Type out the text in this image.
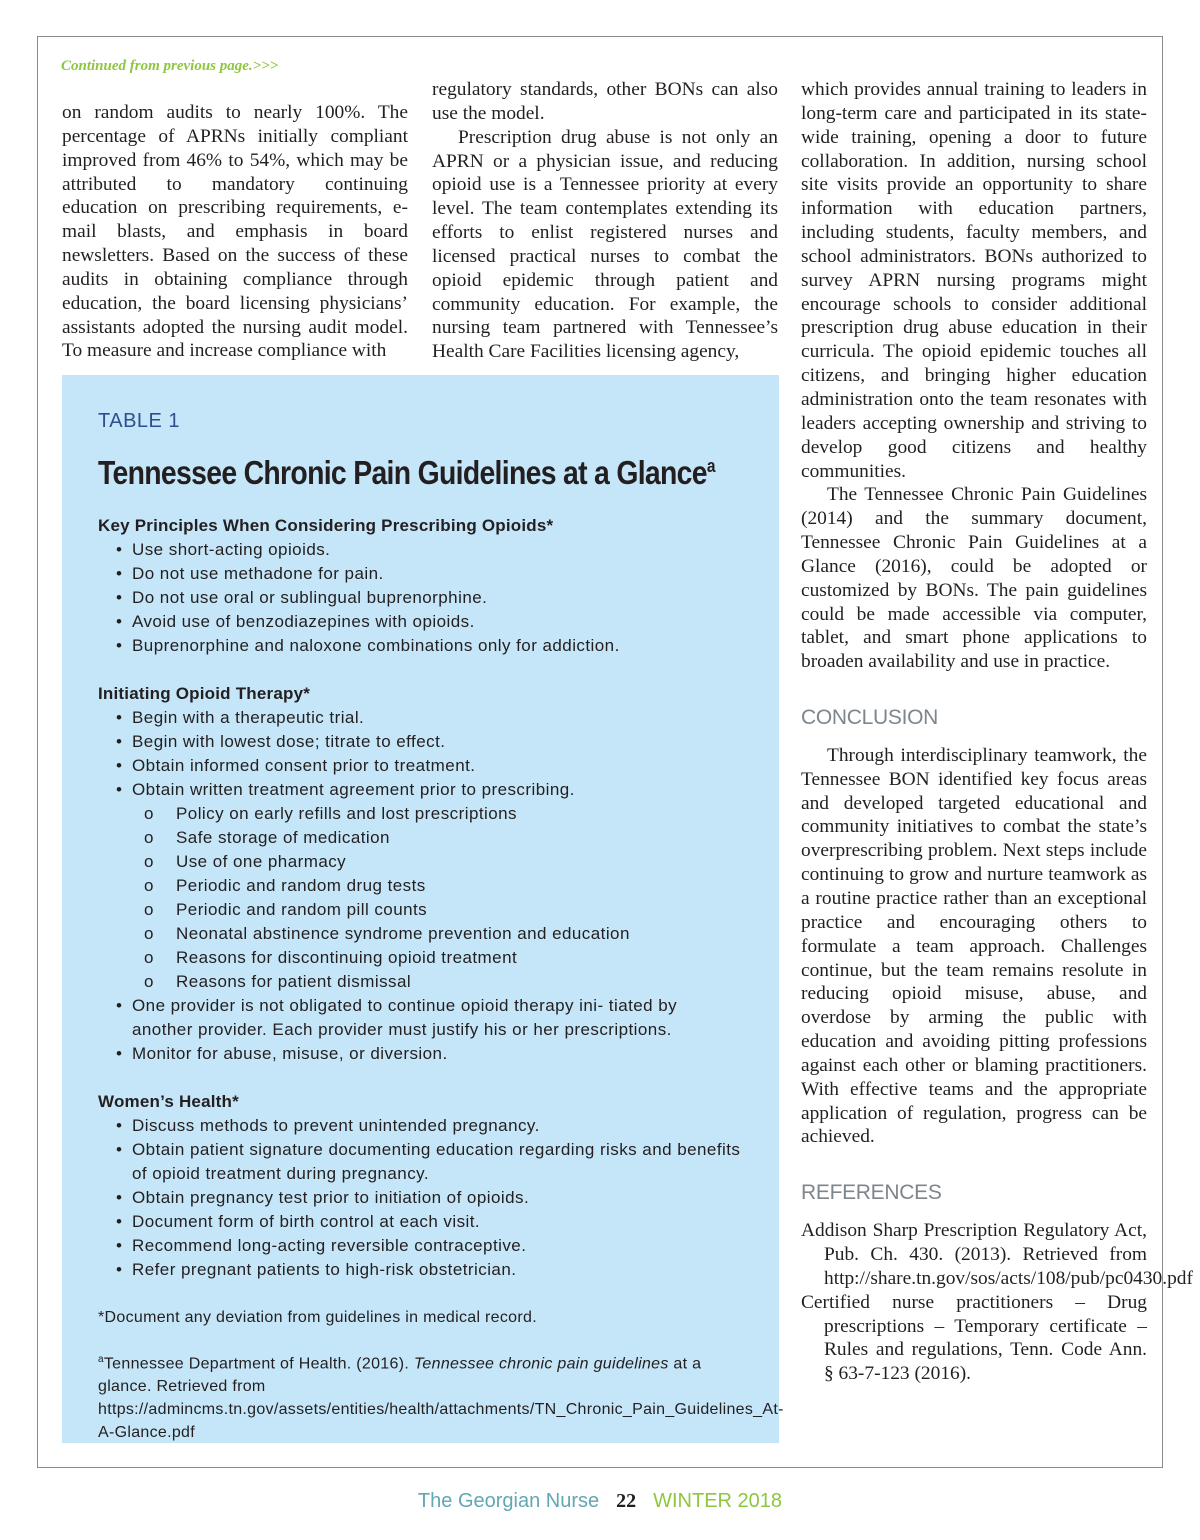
Continued from previous page.>>>

on random audits to nearly 100%. The percentage of APRNs initially compliant improved from 46% to 54%, which may be attributed to mandatory continuing education on prescribing requirements, e-mail blasts, and emphasis in board newsletters. Based on the success of these audits in obtaining compliance through education, the board licensing physicians’ assistants adopted the nursing audit model. To measure and increase compliance with

regulatory standards, other BONs can also use the model.

Prescription drug abuse is not only an APRN or a physician issue, and reducing opioid use is a Tennessee priority at every level. The team contemplates extending its efforts to enlist registered nurses and licensed practical nurses to combat the opioid epidemic through patient and community education. For example, the nursing team partnered with Tennessee’s Health Care Facilities licensing agency,

which provides annual training to leaders in long-term care and participated in its state-wide training, opening a door to future collaboration. In addition, nursing school site visits provide an opportunity to share information with education partners, including students, faculty members, and school administrators. BONs authorized to survey APRN nursing programs might encourage schools to consider additional prescription drug abuse education in their curricula. The opioid epidemic touches all citizens, and bringing higher education administration onto the team resonates with leaders accepting ownership and striving to develop good citizens and healthy communities.

The Tennessee Chronic Pain Guidelines (2014) and the summary document, Tennessee Chronic Pain Guidelines at a Glance (2016), could be adopted or customized by BONs. The pain guidelines could be made accessible via computer, tablet, and smart phone applications to broaden availability and use in practice.

CONCLUSION

Through interdisciplinary teamwork, the Tennessee BON identified key focus areas and developed targeted educational and community initiatives to combat the state’s overprescribing problem. Next steps include continuing to grow and nurture teamwork as a routine practice rather than an exceptional practice and encouraging others to formulate a team approach. Challenges continue, but the team remains resolute in reducing opioid misuse, abuse, and overdose by arming the public with education and avoiding pitting professions against each other or blaming practitioners. With effective teams and the appropriate application of regulation, progress can be achieved.

REFERENCES

Addison Sharp Prescription Regulatory Act, Pub. Ch. 430. (2013). Retrieved from http://share.tn.gov/sos/acts/108/pub/pc0430.pdf

Certified nurse practitioners – Drug prescriptions – Temporary certificate – Rules and regulations, Tenn. Code Ann. § 63-7-123 (2016).

TABLE 1

Tennessee Chronic Pain Guidelines at a Glance$^a$

Key Principles When Considering Prescribing Opioids*

• Use short-acting opioids.
• Do not use methadone for pain.
• Do not use oral or sublingual buprenorphine.
• Avoid use of benzodiazepines with opioids.
• Buprenorphine and naloxone combinations only for addiction.

Initiating Opioid Therapy*

• Begin with a therapeutic trial.
• Begin with lowest dose; titrate to effect.
• Obtain informed consent prior to treatment.
• Obtain written treatment agreement prior to prescribing.
o Policy on early refills and lost prescriptions
o Safe storage of medication
o Use of one pharmacy
o Periodic and random drug tests
o Periodic and random pill counts
o Neonatal abstinence syndrome prevention and education
o Reasons for discontinuing opioid treatment
o Reasons for patient dismissal
• One provider is not obligated to continue opioid therapy ini- tiated by another provider. Each provider must justify his or her prescriptions.
• Monitor for abuse, misuse, or diversion.

Women’s Health*

• Discuss methods to prevent unintended pregnancy.
• Obtain patient signature documenting education regarding risks and benefits of opioid treatment during pregnancy.
• Obtain pregnancy test prior to initiation of opioids.
• Document form of birth control at each visit.
• Recommend long-acting reversible contraceptive.
• Refer pregnant patients to high-risk obstetrician.

*Document any deviation from guidelines in medical record.

$^a$Tennessee Department of Health. (2016). Tennessee chronic pain guidelines at a glance. Retrieved from https://admincms.tn.gov/assets/entities/health/attachments/TN_Chronic_Pain_Guidelines_At-A-Glance.pdf

The Georgian Nurse 22 WINTER 2018
